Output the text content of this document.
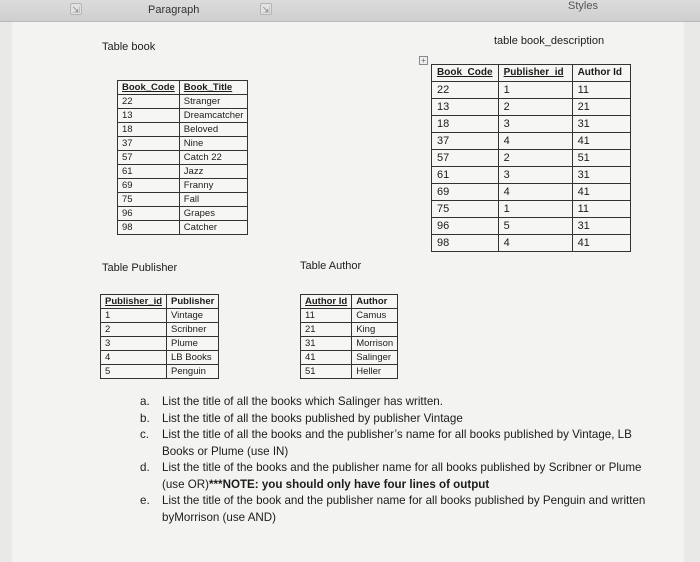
⇲	Paragraph	⇲	Styles
Table book	table book_description
Book_Code	Book_Title
22	Stranger
13	Dreamcatcher
18	Beloved
37	Nine
57	Catch 22
61	Jazz
69	Franny
75	Fall
96	Grapes
98	Catcher
+
Book_Code	Publisher_id	Author Id
22	1	11
13	2	21
18	3	31
37	4	41
57	2	51
61	3	31
69	4	41
75	1	11
96	5	31
98	4	41
Table Publisher	Table Author
Publisher_id	Publisher
1	Vintage
2	Scribner
3	Plume
4	LB Books
5	Penguin
Author Id	Author
11	Camus
21	King
31	Morrison
41	Salinger
51	Heller
a. List the title of all the books which Salinger has written.
b. List the title of all the books published by publisher Vintage
c. List the title of all the books and the publisher’s name for all books published by Vintage, LB Books or Plume (use IN)
d. List the title of the books and the publisher name for all books published by Scribner or Plume (use OR)***NOTE: you should only have four lines of output
e. List the title of the book and the publisher name for all books published by Penguin and written byMorrison (use AND)
